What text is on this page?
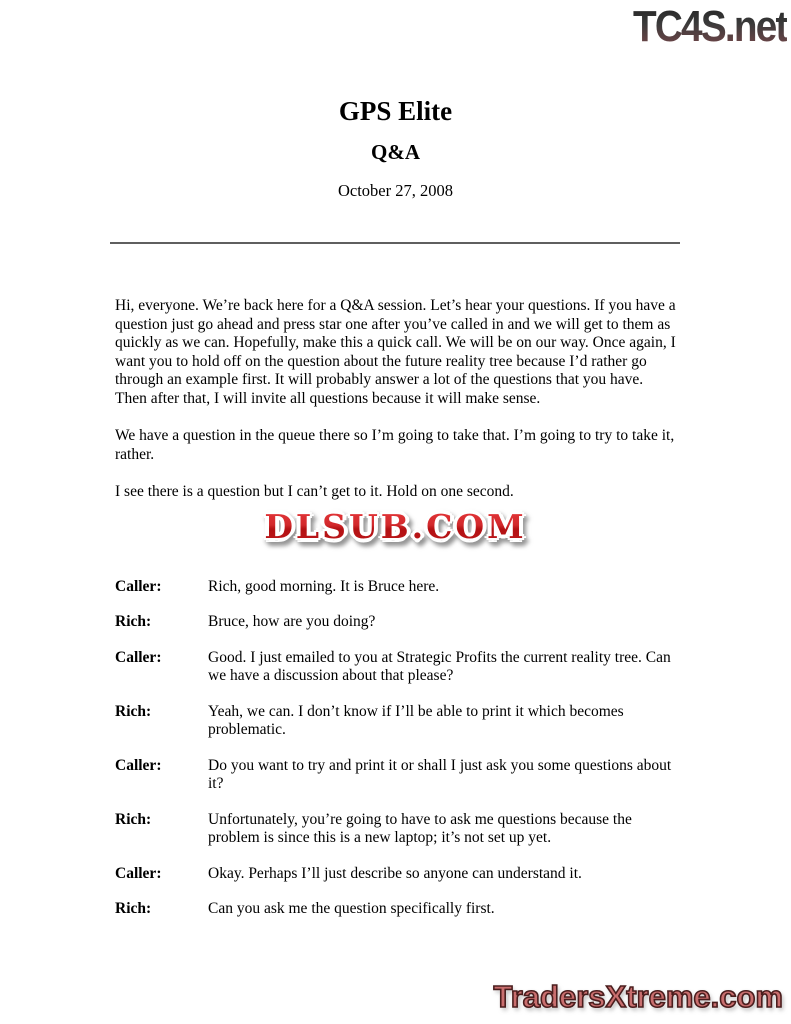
TC4S.net
GPS Elite
Q&A
October 27, 2008
Hi, everyone. We’re back here for a Q&A session. Let’s hear your questions. If you have a question just go ahead and press star one after you’ve called in and we will get to them as quickly as we can. Hopefully, make this a quick call. We will be on our way. Once again, I want you to hold off on the question about the future reality tree because I’d rather go through an example first. It will probably answer a lot of the questions that you have. Then after that, I will invite all questions because it will make sense.
We have a question in the queue there so I’m going to take that. I’m going to try to take it, rather.
I see there is a question but I can’t get to it. Hold on one second.
DLSUB.COM
Caller:	Rich, good morning. It is Bruce here.
Rich:	Bruce, how are you doing?
Caller:	Good. I just emailed to you at Strategic Profits the current reality tree. Can we have a discussion about that please?
Rich:	Yeah, we can. I don’t know if I’ll be able to print it which becomes problematic.
Caller:	Do you want to try and print it or shall I just ask you some questions about it?
Rich:	Unfortunately, you’re going to have to ask me questions because the problem is since this is a new laptop; it’s not set up yet.
Caller:	Okay. Perhaps I’ll just describe so anyone can understand it.
Rich:	Can you ask me the question specifically first.
TradersXtreme.com
